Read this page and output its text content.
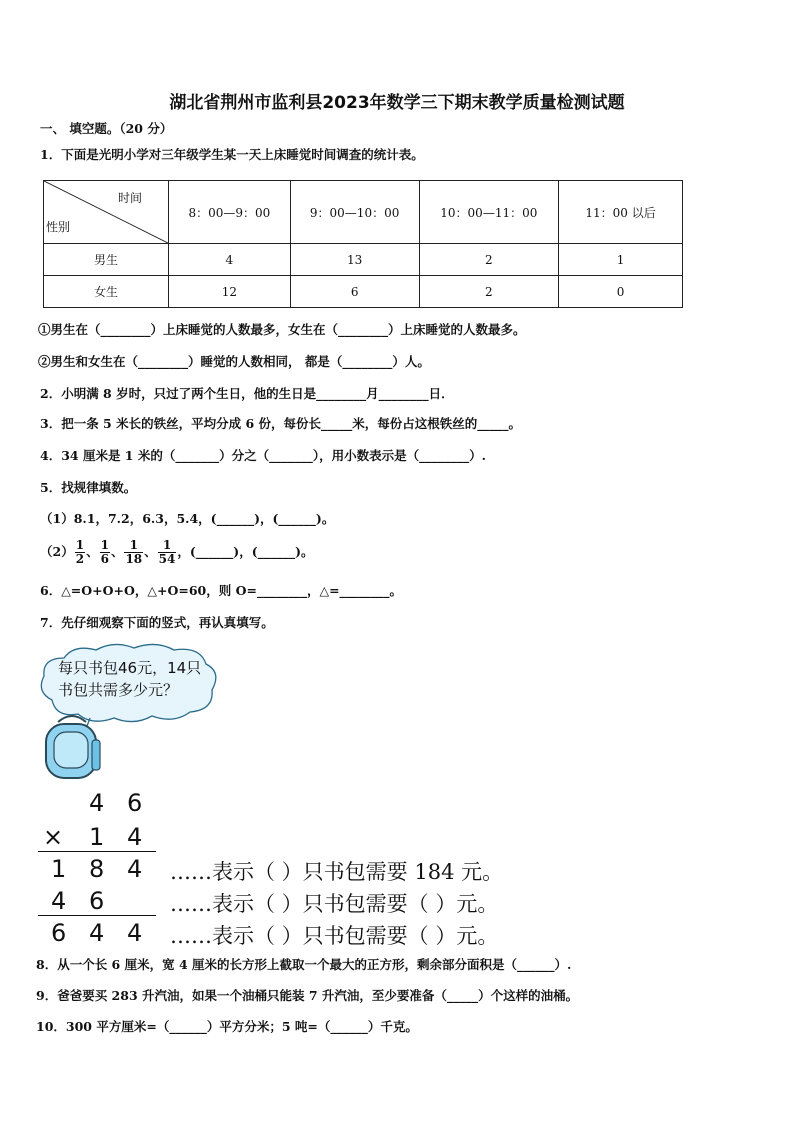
湖北省荆州市监利县2023年数学三下期末教学质量检测试题
一、 填空题。（20 分）
1．下面是光明小学对三年级学生某一天上床睡觉时间调查的统计表。
时间
性别	8：00—9：00	9：00—10：00	10：00—11：00	11：00 以后
男生	4	13	2	1
女生	12	6	2	0
①男生在（________）上床睡觉的人数最多，女生在（________）上床睡觉的人数最多。
②男生和女生在（________）睡觉的人数相同， 都是（________）人。
2．小明满 8 岁时，只过了两个生日，他的生日是________月________日．
3．把一条 5 米长的铁丝，平均分成 6 份，每份长_____米，每份占这根铁丝的_____。
4．34 厘米是 1 米的（_______）分之（_______），用小数表示是（________）.
5．找规律填数。
（1）8.1，7.2，6.3，5.4，(______)，(______)。
$(2) \frac{1}{2}$ 、 $\frac{1}{6}$ 、 $\frac{1}{18}$ 、 $\frac{1}{54}$ ，(______)，(______)。
6．△=O+O+O，△+O=60，则 O=________，△=________。
7．先仔细观察下面的竖式，再认真填写。
每只书包46元，14只
书包共需多少元？
4 6
× 1 4
1 8 4
4 6
6 4 4
……表示（ ）只书包需要 184 元。
……表示（ ）只书包需要（ ）元。
……表示（ ）只书包需要（ ）元。
8．从一个长 6 厘米，宽 4 厘米的长方形上截取一个最大的正方形，剩余部分面积是（______）.
9．爸爸要买 283 升汽油，如果一个油桶只能装 7 升汽油，至少要准备（_____）个这样的油桶。
10．300 平方厘米=（______）平方分米；5 吨=（______）千克。
